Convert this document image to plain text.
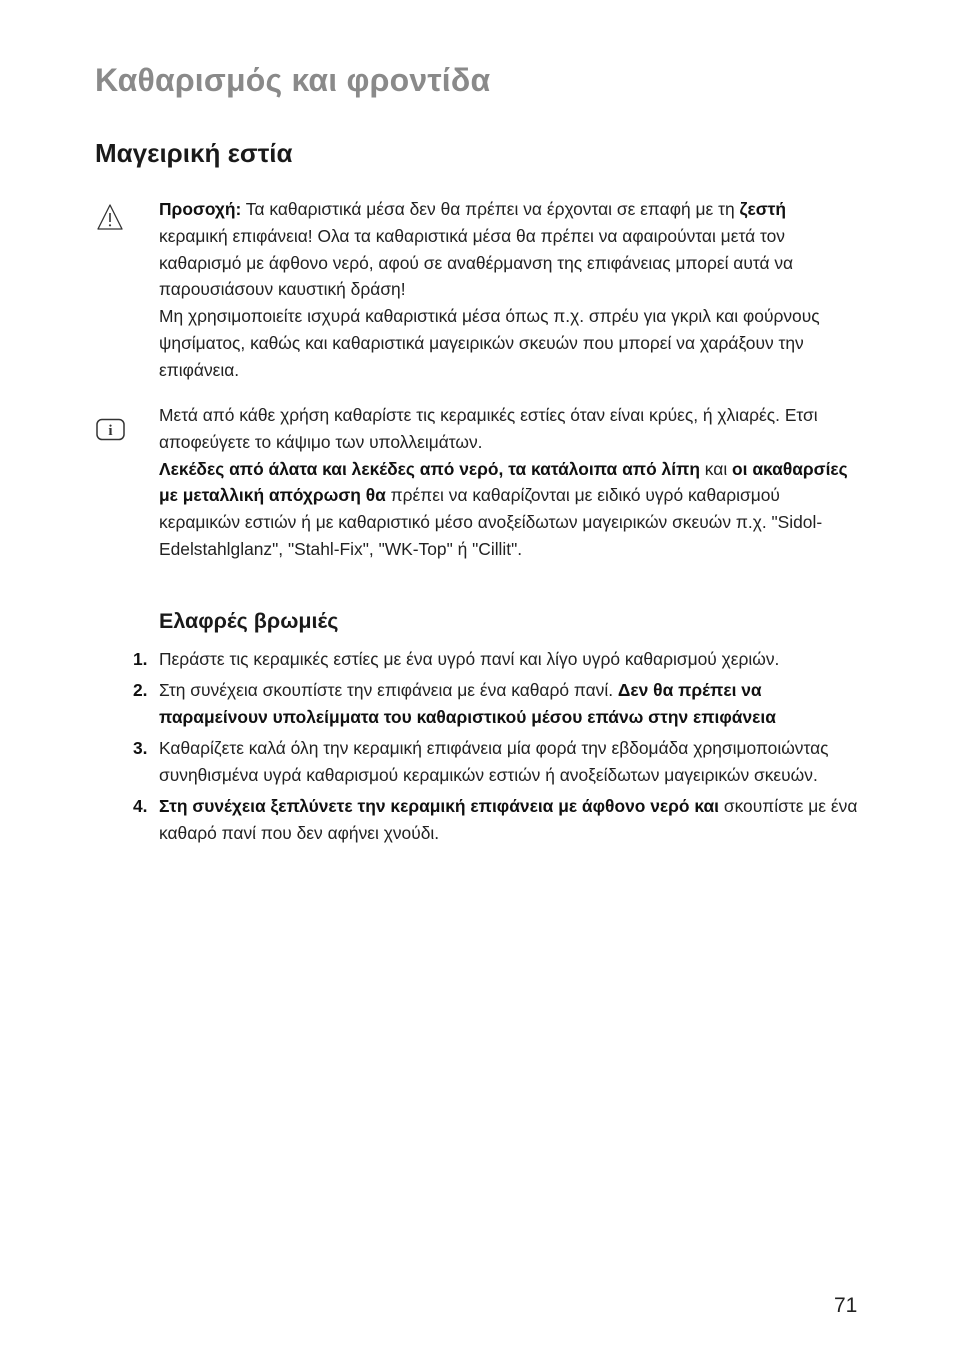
Καθαρισμός και φροντίδα
Μαγειρική εστία

Προσοχή: Τα καθαριστικά μέσα δεν θα πρέπει να έρχονται σε επαφή με τη ζεστή κεραμική επιφάνεια! Ολα τα καθαριστικά μέσα θα πρέπει να αφαιρούνται μετά τον καθαρισμό με άφθονο νερό, αφού σε αναθέρμανση της επιφάνειας μπορεί αυτά να παρουσιάσουν καυστική δράση!

Μη χρησιμοποιείτε ισχυρά καθαριστικά μέσα όπως π.χ. σπρέυ για γκριλ και φούρνους ψησίματος, καθώς και καθαριστικά μαγειρικών σκευών που μπορεί να χαράξουν την επιφάνεια.

i

Μετά από κάθε χρήση καθαρίστε τις κεραμικές εστίες όταν είναι κρύες, ή χλιαρές. Ετσι αποφεύγετε το κάψιμο των υπολλειμάτων.

Λεκέδες από άλατα και λεκέδες από νερό, τα κατάλοιπα από λίπη και οι ακαθαρσίες με μεταλλική απόχρωση θα πρέπει να καθαρίζονται με ειδικό υγρό καθαρισμού κεραμικών εστιών ή με καθαριστικό μέσο ανοξείδωτων μαγειρικών σκευών π.χ. "Sidol-Edelstahlglanz", "Stahl-Fix", "WK-Top" ή "Cillit".

Ελαφρές βρωμιές
1. Περάστε τις κεραμικές εστίες με ένα υγρό πανί και λίγο υγρό καθαρισμού χεριών.
2. Στη συνέχεια σκουπίστε την επιφάνεια με ένα καθαρό πανί. Δεν θα πρέπει να παραμείνουν υπολείμματα του καθαριστικού μέσου επάνω στην επιφάνεια
3. Καθαρίζετε καλά όλη την κεραμική επιφάνεια μία φορά την εβδομάδα χρησιμοποιώντας συνηθισμένα υγρά καθαρισμού κεραμικών εστιών ή ανοξείδωτων μαγειρικών σκευών.
4. Στη συνέχεια ξεπλύνετε την κεραμική επιφάνεια με άφθονο νερό και σκουπίστε με ένα καθαρό πανί που δεν αφήνει χνούδι.
71
